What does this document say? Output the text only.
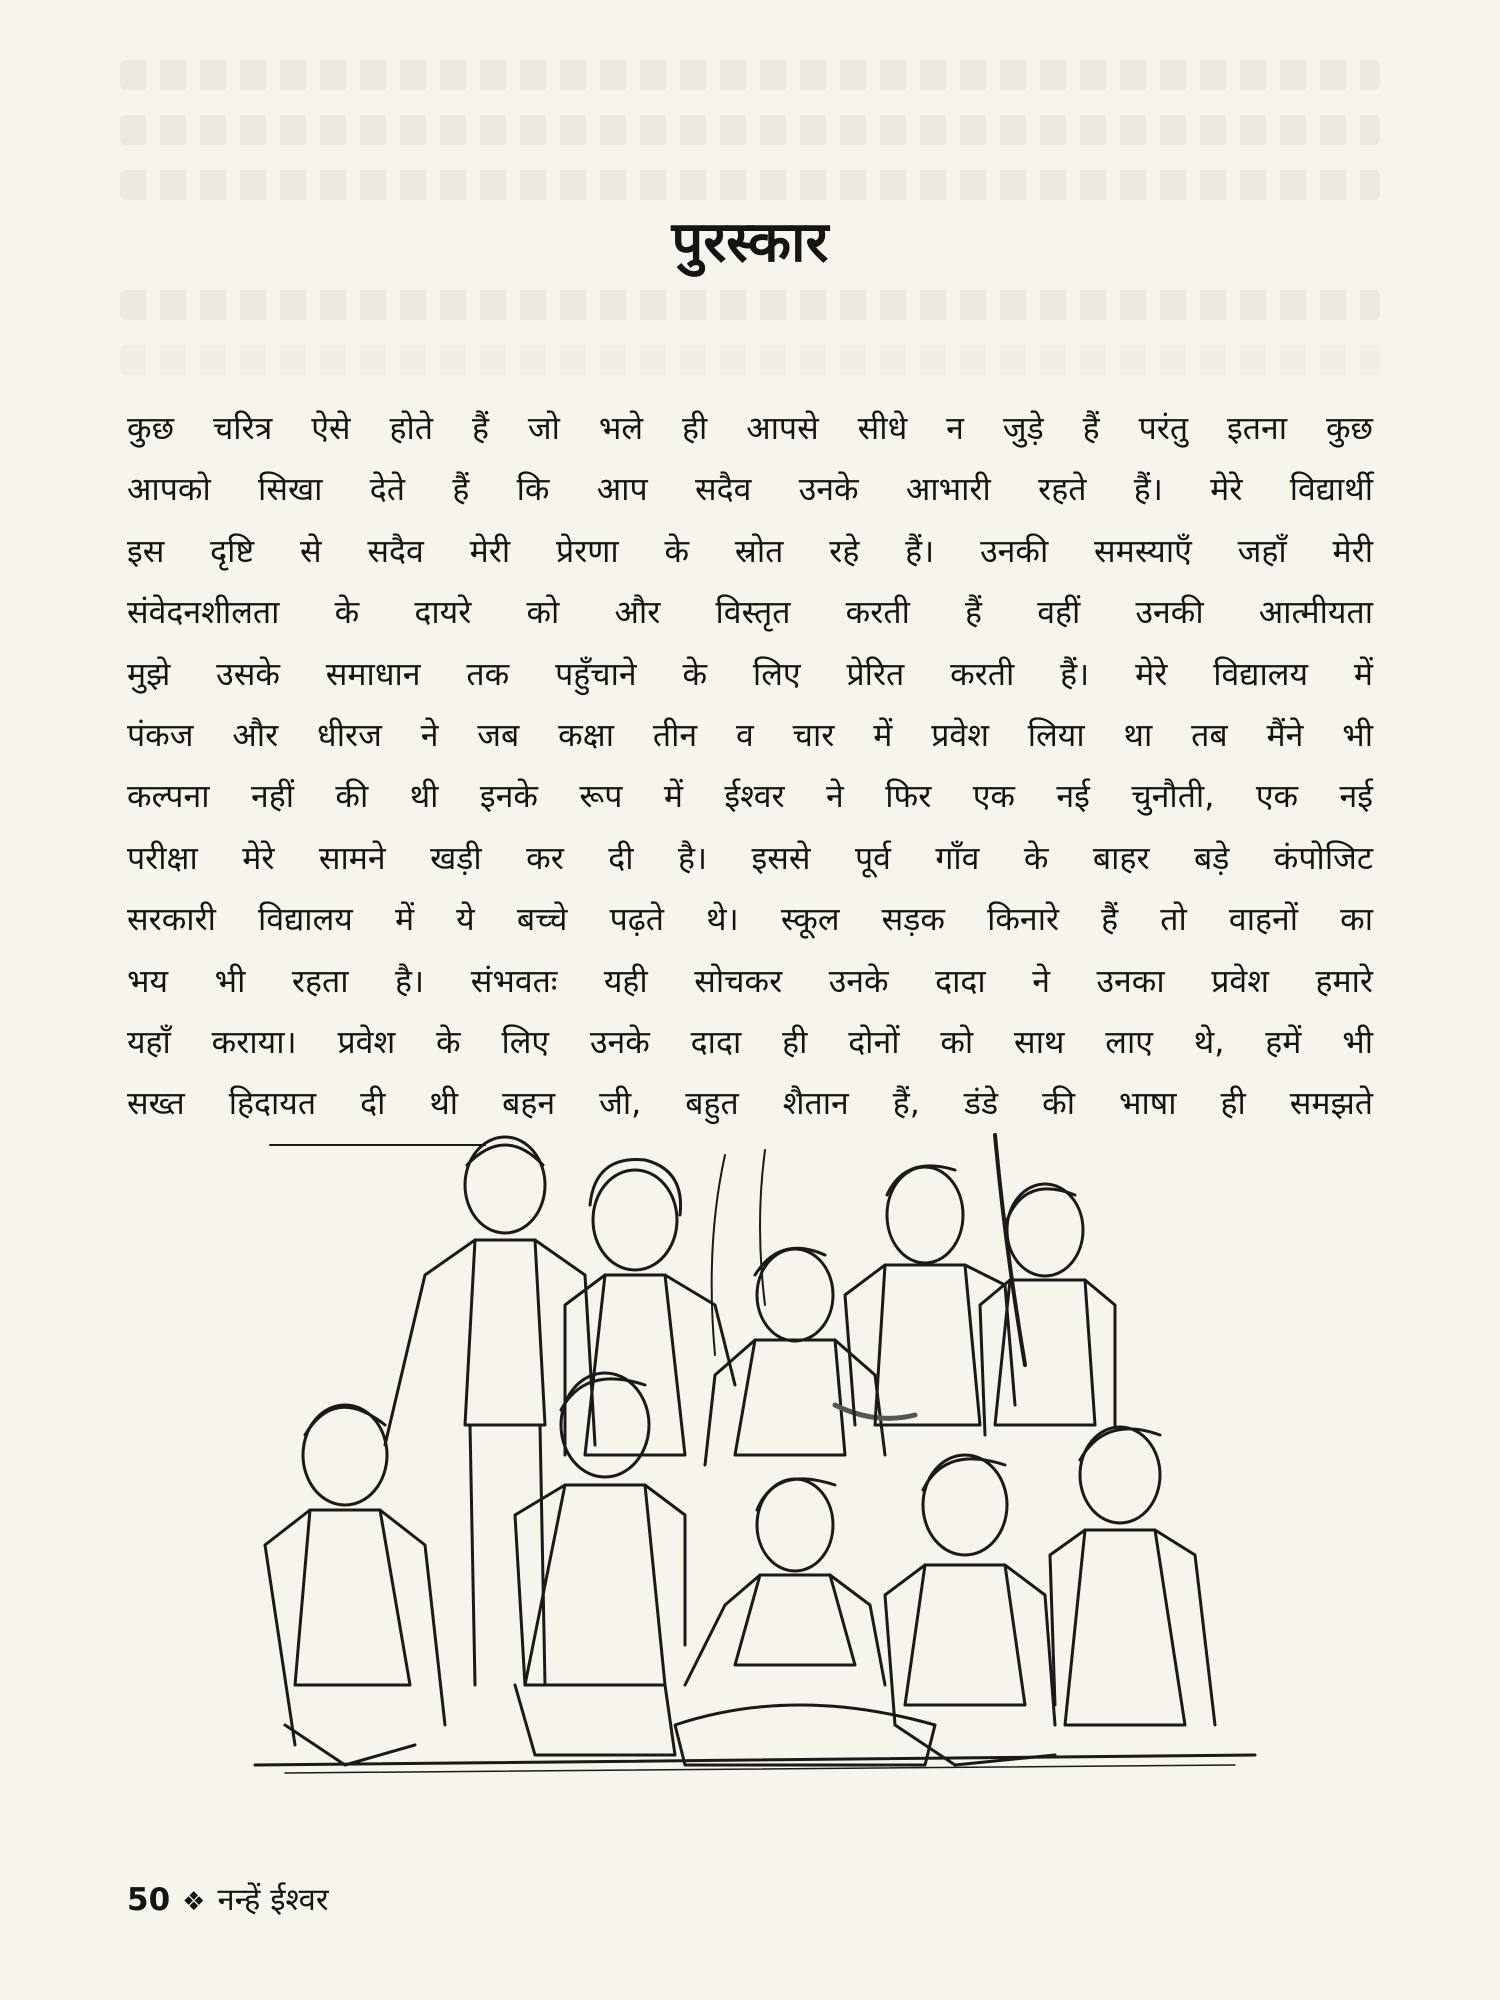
पुरस्कार
कुछ चरित्र ऐसे होते हैं जो भले ही आपसे सीधे न जुड़े हैं परंतु इतना कुछ
आपको सिखा देते हैं कि आप सदैव उनके आभारी रहते हैं। मेरे विद्यार्थी
इस दृष्टि से सदैव मेरी प्रेरणा के स्रोत रहे हैं। उनकी समस्याएँ जहाँ मेरी
संवेदनशीलता के दायरे को और विस्तृत करती हैं वहीं उनकी आत्मीयता
मुझे उसके समाधान तक पहुँचाने के लिए प्रेरित करती हैं। मेरे विद्यालय में
पंकज और धीरज ने जब कक्षा तीन व चार में प्रवेश लिया था तब मैंने भी
कल्पना नहीं की थी इनके रूप में ईश्वर ने फिर एक नई चुनौती, एक नई
परीक्षा मेरे सामने खड़ी कर दी है। इससे पूर्व गाँव के बाहर बड़े कंपोजिट
सरकारी विद्यालय में ये बच्चे पढ़ते थे। स्कूल सड़क किनारे हैं तो वाहनों का
भय भी रहता है। संभवतः यही सोचकर उनके दादा ने उनका प्रवेश हमारे
यहाँ कराया। प्रवेश के लिए उनके दादा ही दोनों को साथ लाए थे, हमें भी
सख्त हिदायत दी थी बहन जी, बहुत शैतान हैं, डंडे की भाषा ही समझते
50 ❖ नन्हें ईश्वर
